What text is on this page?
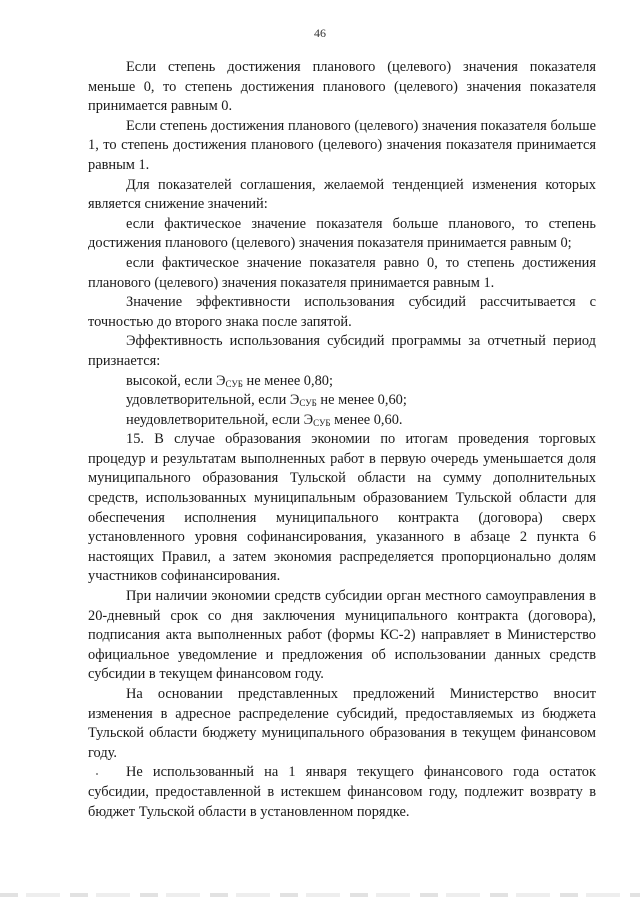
46

Если степень достижения планового (целевого) значения показателя меньше 0, то степень достижения планового (целевого) значения показателя принимается равным 0.

Если степень достижения планового (целевого) значения показателя больше 1, то степень достижения планового (целевого) значения показателя принимается равным 1.

Для показателей соглашения, желаемой тенденцией изменения которых является снижение значений:

если фактическое значение показателя больше планового, то степень достижения планового (целевого) значения показателя принимается равным 0;

если фактическое значение показателя равно 0, то степень достижения планового (целевого) значения показателя принимается равным 1.

Значение эффективности использования субсидий рассчитывается с точностью до второго знака после запятой.

Эффективность использования субсидий программы за отчетный период признается:

высокой, если $Э_{СУБ}$ не менее 0,80;

удовлетворительной, если $Э_{СУБ}$ не менее 0,60;

неудовлетворительной, если $Э_{СУБ}$ менее 0,60.

15. В случае образования экономии по итогам проведения торговых процедур и результатам выполненных работ в первую очередь уменьшается доля муниципального образования Тульской области на сумму дополнительных средств, использованных муниципальным образованием Тульской области для обеспечения исполнения муниципального контракта (договора) сверх установленного уровня софинансирования, указанного в абзаце 2 пункта 6 настоящих Правил, а затем экономия распределяется пропорционально долям участников софинансирования.

При наличии экономии средств субсидии орган местного самоуправления в 20-дневный срок со дня заключения муниципального контракта (договора), подписания акта выполненных работ (формы КС-2) направляет в Министерство официальное уведомление и предложения об использовании данных средств субсидии в текущем финансовом году.

На основании представленных предложений Министерство вносит изменения в адресное распределение субсидий, предоставляемых из бюджета Тульской области бюджету муниципального образования в текущем финансовом году.

Не использованный на 1 января текущего финансового года остаток субсидии, предоставленной в истекшем финансовом году, подлежит возврату в бюджет Тульской области в установленном порядке.
